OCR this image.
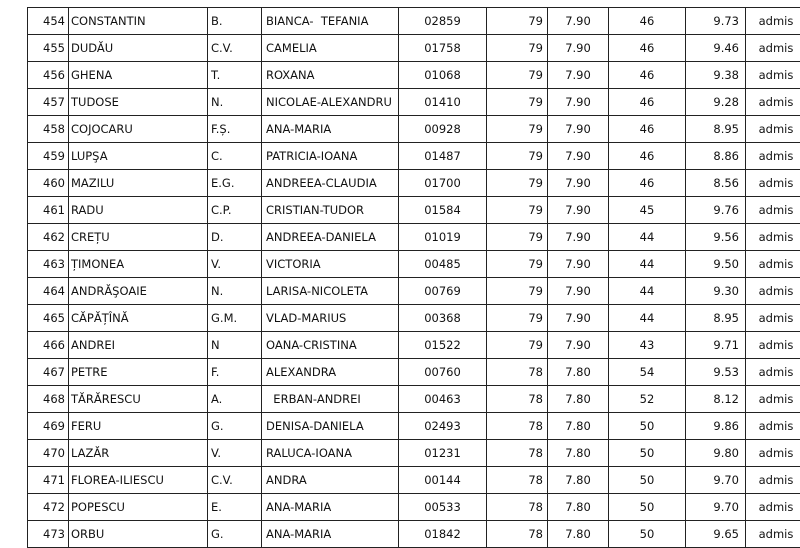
454	CONSTANTIN	B.	BIANCA-  TEFANIA	02859	79	7.90	46	9.73	admis
455	DUDĂU	C.V.	CAMELIA	01758	79	7.90	46	9.46	admis
456	GHENA	T.	ROXANA	01068	79	7.90	46	9.38	admis
457	TUDOSE	N.	NICOLAE-ALEXANDRU	01410	79	7.90	46	9.28	admis
458	COJOCARU	F.Ș.	ANA-MARIA	00928	79	7.90	46	8.95	admis
459	LUPŞA	C.	PATRICIA-IOANA	01487	79	7.90	46	8.86	admis
460	MAZILU	E.G.	ANDREEA-CLAUDIA	01700	79	7.90	46	8.56	admis
461	RADU	C.P.	CRISTIAN-TUDOR	01584	79	7.90	45	9.76	admis
462	CREȚU	D.	ANDREEA-DANIELA	01019	79	7.90	44	9.56	admis
463	ȚIMONEA	V.	VICTORIA	00485	79	7.90	44	9.50	admis
464	ANDRĂŞOAIE	N.	LARISA-NICOLETA	00769	79	7.90	44	9.30	admis
465	CĂPĂȚÎNĂ	G.M.	VLAD-MARIUS	00368	79	7.90	44	8.95	admis
466	ANDREI	N	OANA-CRISTINA	01522	79	7.90	43	9.71	admis
467	PETRE	F.	ALEXANDRA	00760	78	7.80	54	9.53	admis
468	TĂRĂRESCU	A.	ERBAN-ANDREI	00463	78	7.80	52	8.12	admis
469	FERU	G.	DENISA-DANIELA	02493	78	7.80	50	9.86	admis
470	LAZĂR	V.	RALUCA-IOANA	01231	78	7.80	50	9.80	admis
471	FLOREA-ILIESCU	C.V.	ANDRA	00144	78	7.80	50	9.70	admis
472	POPESCU	E.	ANA-MARIA	00533	78	7.80	50	9.70	admis
473	ORBU	G.	ANA-MARIA	01842	78	7.80	50	9.65	admis
